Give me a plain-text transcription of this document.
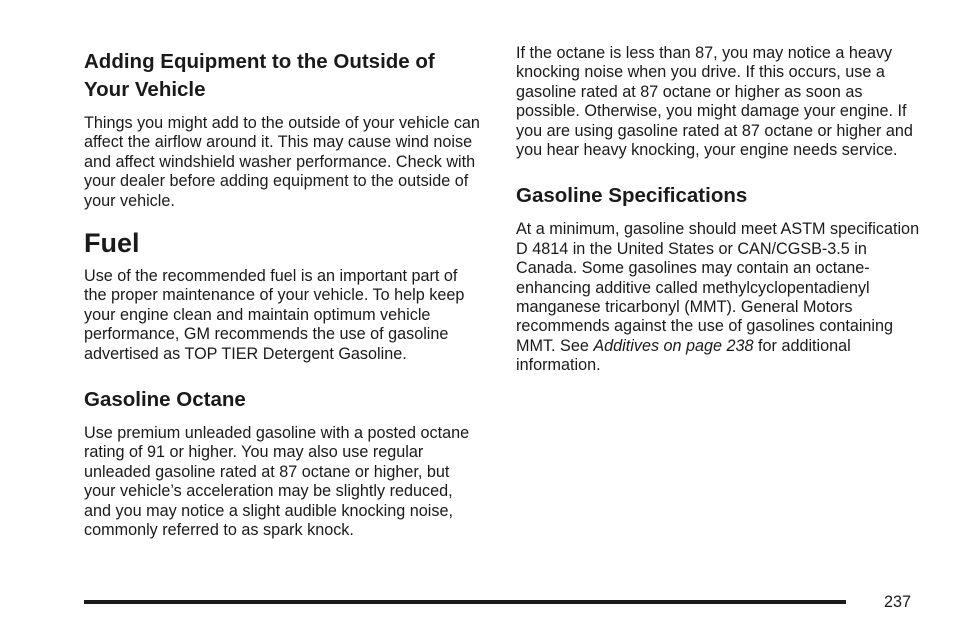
Adding Equipment to the Outside of Your Vehicle

Things you might add to the outside of your vehicle can affect the airflow around it. This may cause wind noise and affect windshield washer performance. Check with your dealer before adding equipment to the outside of your vehicle.

Fuel

Use of the recommended fuel is an important part of the proper maintenance of your vehicle. To help keep your engine clean and maintain optimum vehicle performance, GM recommends the use of gasoline advertised as TOP TIER Detergent Gasoline.

Gasoline Octane

Use premium unleaded gasoline with a posted octane rating of 91 or higher. You may also use regular unleaded gasoline rated at 87 octane or higher, but your vehicle’s acceleration may be slightly reduced, and you may notice a slight audible knocking noise, commonly referred to as spark knock.

If the octane is less than 87, you may notice a heavy knocking noise when you drive. If this occurs, use a gasoline rated at 87 octane or higher as soon as possible. Otherwise, you might damage your engine. If you are using gasoline rated at 87 octane or higher and you hear heavy knocking, your engine needs service.

Gasoline Specifications

At a minimum, gasoline should meet ASTM specification D 4814 in the United States or CAN/CGSB-3.5 in Canada. Some gasolines may contain an octane-enhancing additive called methylcyclopentadienyl manganese tricarbonyl (MMT). General Motors recommends against the use of gasolines containing MMT. See Additives on page 238 for additional information.

237
